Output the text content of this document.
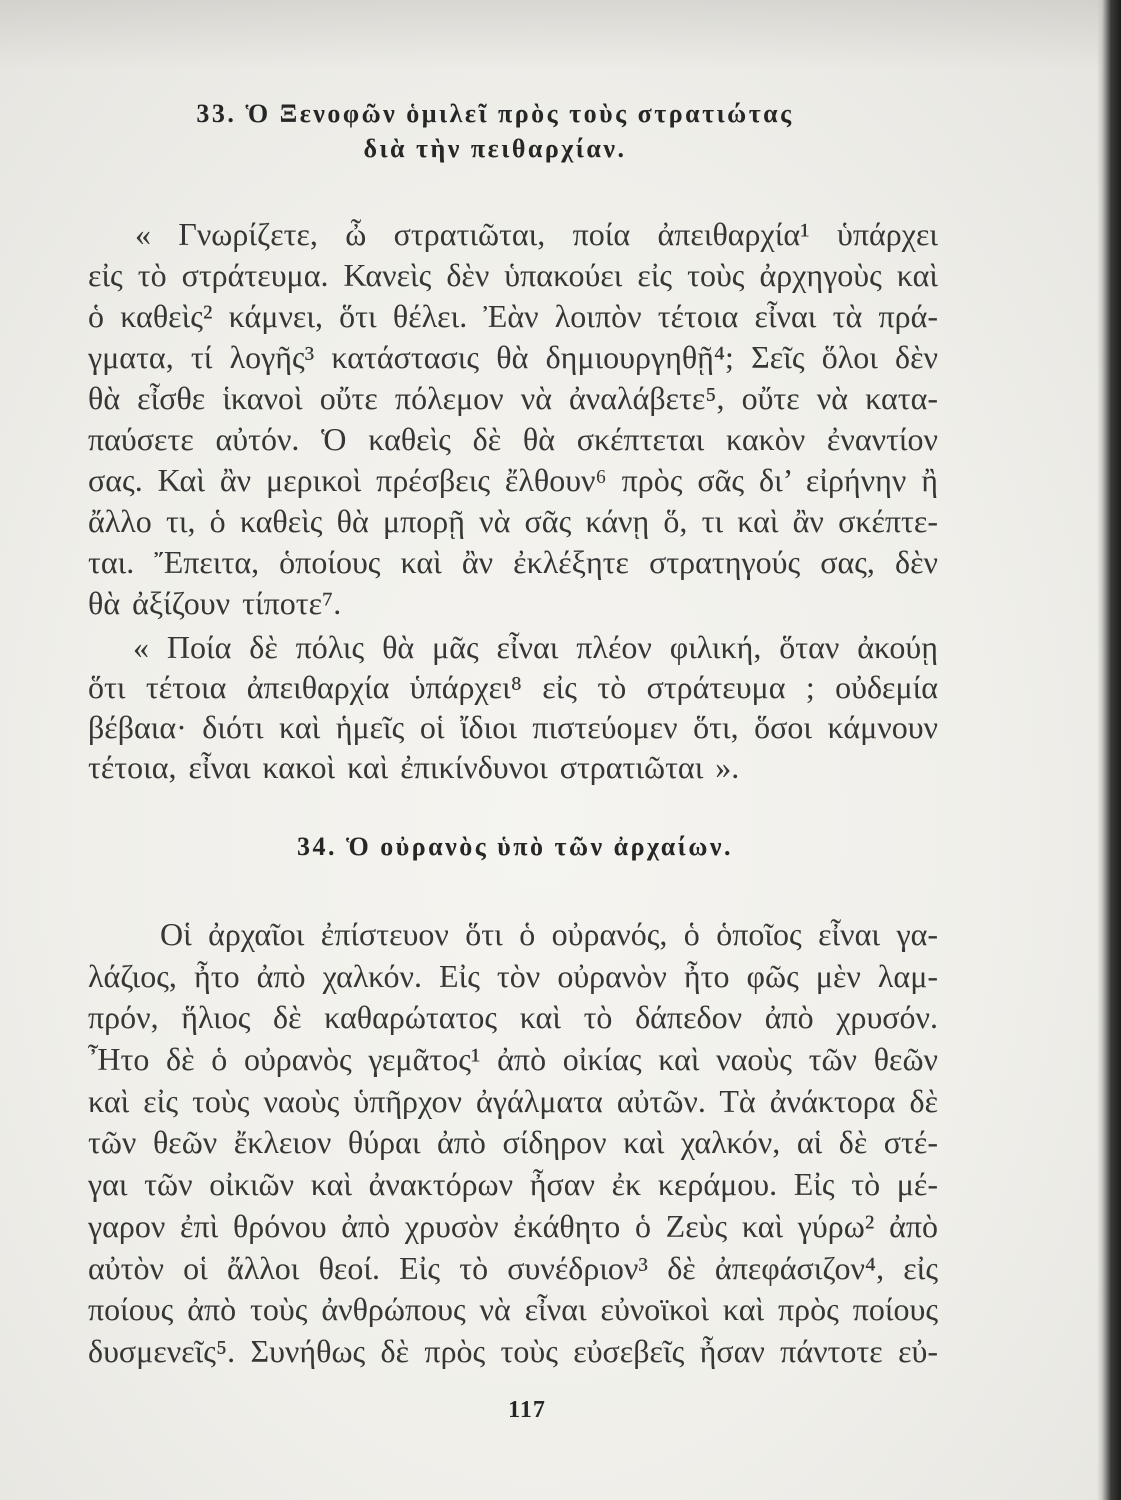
33. Ὁ Ξενοφῶν ὁμιλεῖ πρὸς τοὺς στρατιώτας
διὰ τὴν πειθαρχίαν.
« Γνωρίζετε, ὦ στρατιῶται, ποία ἀπειθαρχία¹ ὑπάρχει
εἰς τὸ στράτευμα. Κανεὶς δὲν ὑπακούει εἰς τοὺς ἀρχηγοὺς καὶ
ὁ καθεὶς² κάμνει, ὅτι θέλει. Ἐὰν λοιπὸν τέτοια εἶναι τὰ πρά-
γματα, τί λογῆς³ κατάστασις θὰ δημιουργηθῇ⁴; Σεῖς ὅλοι δὲν
θὰ εἶσθε ἱκανοὶ οὔτε πόλεμον νὰ ἀναλάβετε⁵, οὔτε νὰ κατα-
παύσετε αὐτόν. Ὁ καθεὶς δὲ θὰ σκέπτεται κακὸν ἐναντίον
σας. Καὶ ἂν μερικοὶ πρέσβεις ἔλθουν⁶ πρὸς σᾶς δι’ εἰρήνην ἢ
ἄλλο τι, ὁ καθεὶς θὰ μπορῇ νὰ σᾶς κάνῃ ὅ, τι καὶ ἂν σκέπτε-
ται. Ἔπειτα, ὁποίους καὶ ἂν ἐκλέξητε στρατηγούς σας, δὲν
θὰ ἀξίζουν τίποτε⁷.
« Ποία δὲ πόλις θὰ μᾶς εἶναι πλέον φιλική, ὅταν ἀκούῃ
ὅτι τέτοια ἀπειθαρχία ὑπάρχει⁸ εἰς τὸ στράτευμα ; οὐδεμία
βέβαια· διότι καὶ ἡμεῖς οἱ ἴδιοι πιστεύομεν ὅτι, ὅσοι κάμνουν
τέτοια, εἶναι κακοὶ καὶ ἐπικίνδυνοι στρατιῶται ».
34. Ὁ οὐρανὸς ὑπὸ τῶν ἀρχαίων.
Οἱ ἀρχαῖοι ἐπίστευον ὅτι ὁ οὐρανός, ὁ ὁποῖος εἶναι γα-
λάζιος, ἦτο ἀπὸ χαλκόν. Εἰς τὸν οὐρανὸν ἦτο φῶς μὲν λαμ-
πρόν, ἥλιος δὲ καθαρώτατος καὶ τὸ δάπεδον ἀπὸ χρυσόν.
Ἦτο δὲ ὁ οὐρανὸς γεμᾶτος¹ ἀπὸ οἰκίας καὶ ναοὺς τῶν θεῶν
καὶ εἰς τοὺς ναοὺς ὑπῆρχον ἀγάλματα αὐτῶν. Τὰ ἀνάκτορα δὲ
τῶν θεῶν ἔκλειον θύραι ἀπὸ σίδηρον καὶ χαλκόν, αἱ δὲ στέ-
γαι τῶν οἰκιῶν καὶ ἀνακτόρων ἦσαν ἐκ κεράμου. Εἰς τὸ μέ-
γαρον ἐπὶ θρόνου ἀπὸ χρυσὸν ἐκάθητο ὁ Ζεὺς καὶ γύρω² ἀπὸ
αὐτὸν οἱ ἄλλοι θεοί. Εἰς τὸ συνέδριον³ δὲ ἀπεφάσιζον⁴, εἰς
ποίους ἀπὸ τοὺς ἀνθρώπους νὰ εἶναι εὐνοϊκοὶ καὶ πρὸς ποίους
δυσμενεῖς⁵. Συνήθως δὲ πρὸς τοὺς εὐσεβεῖς ἦσαν πάντοτε εὐ-
117
